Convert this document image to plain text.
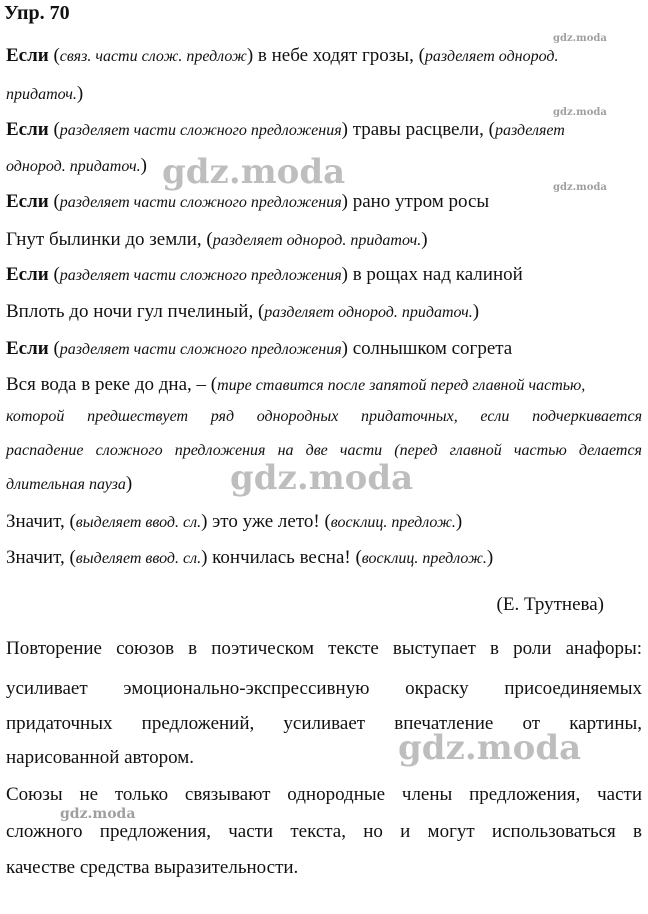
Упр. 70
Если (связ. части слож. предлож) в небе ходят грозы, (разделяет однород.
придаточ.)
Если (разделяет части сложного предложения) травы расцвели, (разделяет
однород. придаточ.)
Если (разделяет части сложного предложения) рано утром росы
Гнут былинки до земли, (разделяет однород. придаточ.)
Если (разделяет части сложного предложения) в рощах над калиной
Вплоть до ночи гул пчелиный, (разделяет однород. придаточ.)
Если (разделяет части сложного предложения) солнышком согрета
Вся вода в реке до дна, – (тире ставится после запятой перед главной частью,
которой предшествует ряд однородных придаточных, если подчеркивается
распадение сложного предложения на две части (перед главной частью делается
длительная пауза)
Значит, (выделяет ввод. сл.) это уже лето! (восклиц. предлож.)
Значит, (выделяет ввод. сл.) кончилась весна! (восклиц. предлож.)
(Е. Трутнева)
Повторение союзов в поэтическом тексте выступает в роли анафоры:
усиливает эмоционально-экспрессивную окраску присоединяемых
придаточных предложений, усиливает впечатление от картины,
нарисованной автором.
Союзы не только связывают однородные члены предложения, части
сложного предложения, части текста, но и могут использоваться в
качестве средства выразительности.
gdz.moda
gdz.moda
gdz.moda
gdz.moda
gdz.moda
gdz.moda
gdz.moda
